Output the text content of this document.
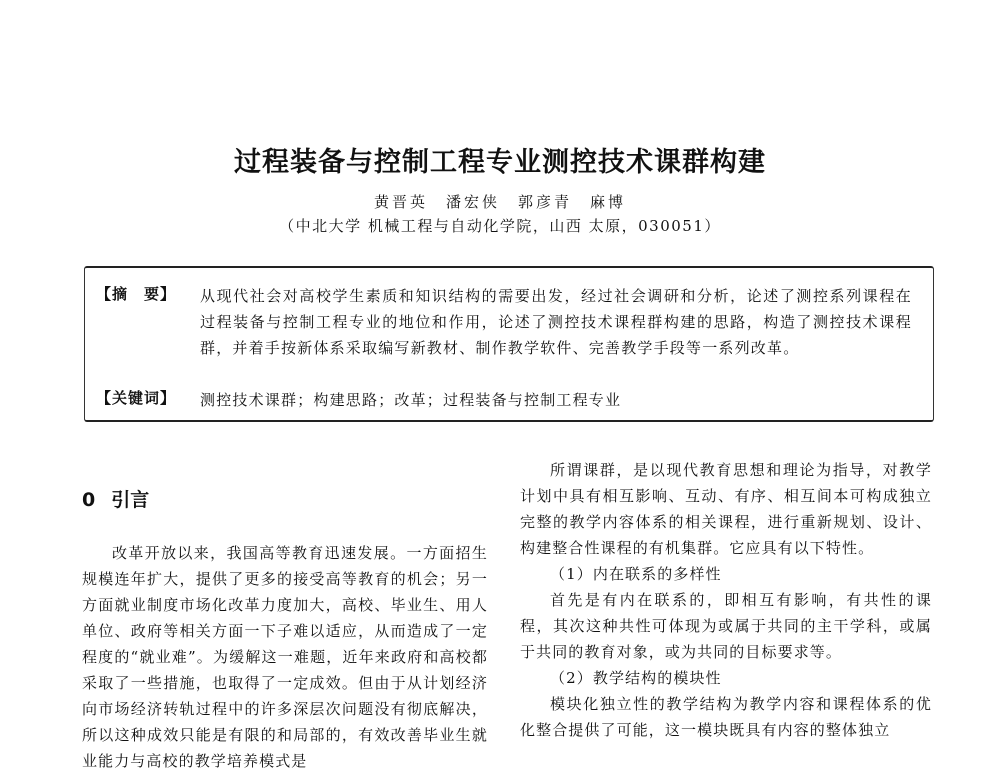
过程装备与控制工程专业测控技术课群构建
黄晋英　潘宏侠　郭彦青　麻博
（中北大学 机械工程与自动化学院，山西 太原，030051）
【摘　要】 从现代社会对高校学生素质和知识结构的需要出发，经过社会调研和分析，论述了测控系列课程在过程装备与控制工程专业的地位和作用，论述了测控技术课程群构建的思路，构造了测控技术课程群，并着手按新体系采取编写新教材、制作教学软件、完善教学手段等一系列改革。
【关键词】 测控技术课群；构建思路；改革；过程装备与控制工程专业
0 引言

改革开放以来，我国高等教育迅速发展。一方面招生规模连年扩大，提供了更多的接受高等教育的机会；另一方面就业制度市场化改革力度加大，高校、毕业生、用人单位、政府等相关方面一下子难以适应，从而造成了一定程度的“就业难”。为缓解这一难题，近年来政府和高校都采取了一些措施，也取得了一定成效。但由于从计划经济向市场经济转轨过程中的许多深层次问题没有彻底解决，所以这种成效只能是有限的和局部的，有效改善毕业生就业能力与高校的教学培养模式是

所谓课群，是以现代教育思想和理论为指导，对教学计划中具有相互影响、互动、有序、相互间本可构成独立完整的教学内容体系的相关课程，进行重新规划、设计、构建整合性课程的有机集群。它应具有以下特性。

（1）内在联系的多样性

首先是有内在联系的，即相互有影响，有共性的课程，其次这种共性可体现为或属于共同的主干学科，或属于共同的教育对象，或为共同的目标要求等。

（2）教学结构的模块性

模块化独立性的教学结构为教学内容和课程体系的优化整合提供了可能，这一模块既具有内容的整体独立
